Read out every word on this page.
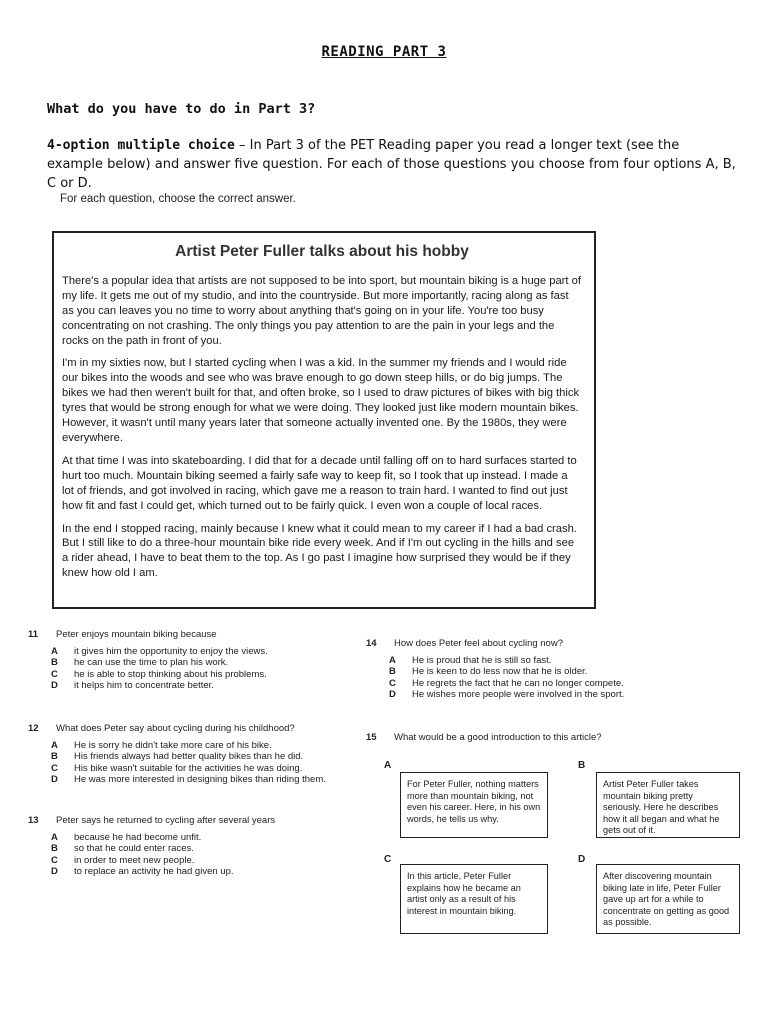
READING PART 3
What do you have to do in Part 3?
4-option multiple choice – In Part 3 of the PET Reading paper you read a longer text (see the example below) and answer five question. For each of those questions you choose from four options A, B, C or D.
For each question, choose the correct answer.
Artist Peter Fuller talks about his hobby

There's a popular idea that artists are not supposed to be into sport, but mountain biking is a huge part of my life. It gets me out of my studio, and into the countryside. But more importantly, racing along as fast as you can leaves you no time to worry about anything that's going on in your life. You're too busy concentrating on not crashing. The only things you pay attention to are the pain in your legs and the rocks on the path in front of you.

I'm in my sixties now, but I started cycling when I was a kid. In the summer my friends and I would ride our bikes into the woods and see who was brave enough to go down steep hills, or do big jumps. The bikes we had then weren't built for that, and often broke, so I used to draw pictures of bikes with big thick tyres that would be strong enough for what we were doing. They looked just like modern mountain bikes. However, it wasn't until many years later that someone actually invented one. By the 1980s, they were everywhere.

At that time I was into skateboarding. I did that for a decade until falling off on to hard surfaces started to hurt too much. Mountain biking seemed a fairly safe way to keep fit, so I took that up instead. I made a lot of friends, and got involved in racing, which gave me a reason to train hard. I wanted to find out just how fit and fast I could get, which turned out to be fairly quick. I even won a couple of local races.

In the end I stopped racing, mainly because I knew what it could mean to my career if I had a bad crash. But I still like to do a three-hour mountain bike ride every week. And if I'm out cycling in the hills and see a rider ahead, I have to beat them to the top. As I go past I imagine how surprised they would be if they knew how old I am.

11	Peter enjoys mountain biking because
A it gives him the opportunity to enjoy the views.
B he can use the time to plan his work.
C he is able to stop thinking about his problems.
D it helps him to concentrate better.
12	What does Peter say about cycling during his childhood?
A He is sorry he didn't take more care of his bike.
B His friends always had better quality bikes than he did.
C His bike wasn't suitable for the activities he was doing.
D He was more interested in designing bikes than riding them.
13	Peter says he returned to cycling after several years
A because he had become unfit.
B so that he could enter races.
C in order to meet new people.
D to replace an activity he had given up.
14	How does Peter feel about cycling now?
A He is proud that he is still so fast.
B He is keen to do less now that he is older.
C He regrets the fact that he can no longer compete.
D He wishes more people were involved in the sport.
15	What would be a good introduction to this article?
A
For Peter Fuller, nothing matters more than mountain biking, not even his career. Here, in his own words, he tells us why.
B
Artist Peter Fuller takes mountain biking pretty seriously. Here he describes how it all began and what he gets out of it.
C
In this article, Peter Fuller explains how he became an artist only as a result of his interest in mountain biking.
D
After discovering mountain biking late in life, Peter Fuller gave up art for a while to concentrate on getting as good as possible.
